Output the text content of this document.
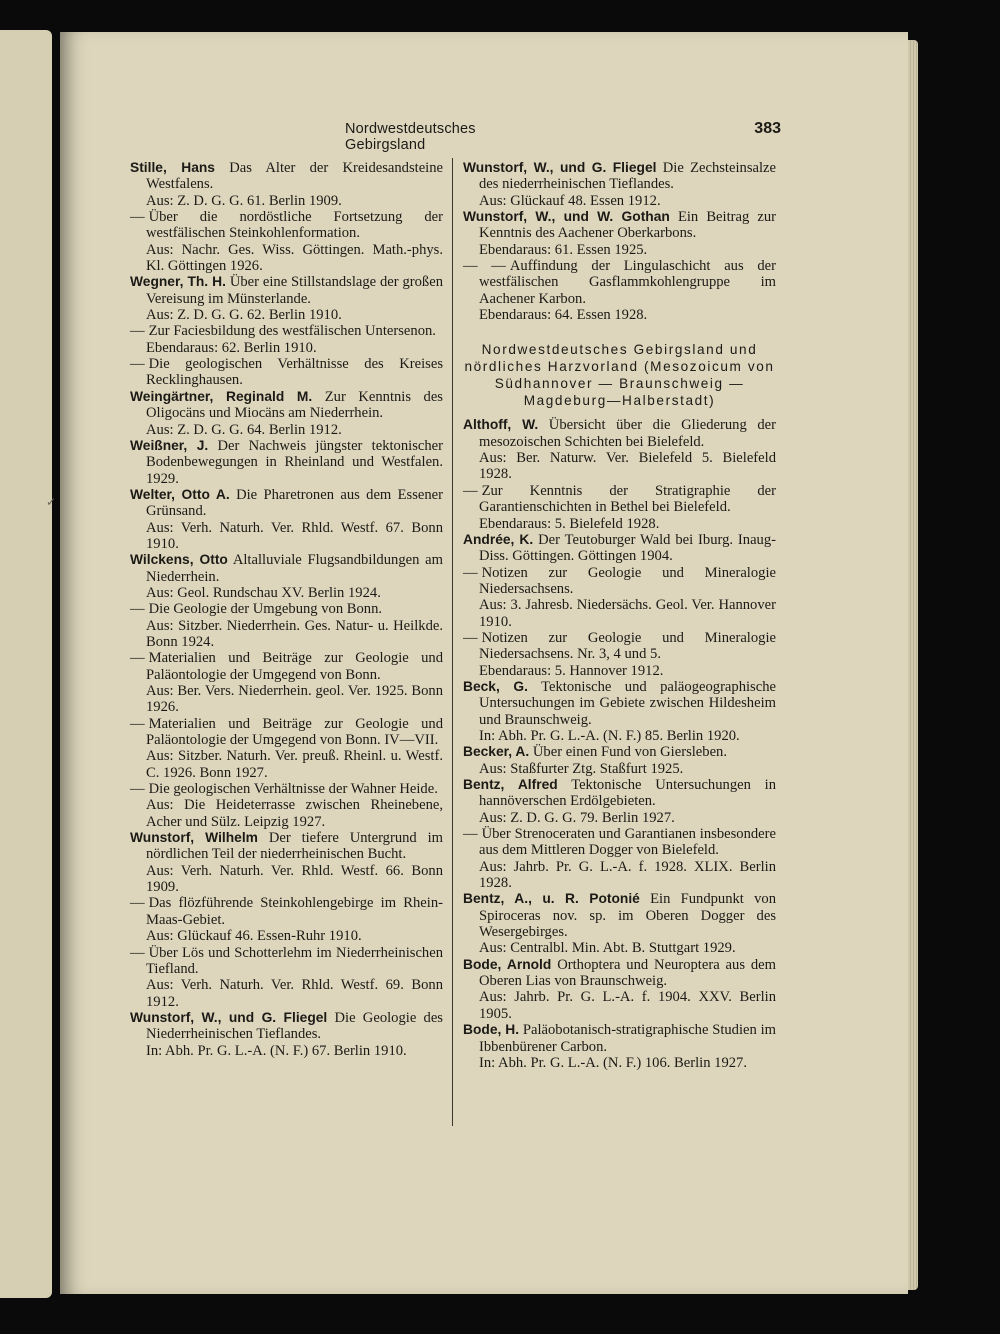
Nordwestdeutsches Gebirgsland
383

Stille, Hans Das Alter der Kreidesandsteine Westfalens.

Aus: Z. D. G. G. 61. Berlin 1909.

— Über die nordöstliche Fortsetzung der westfälischen Steinkohlenformation.

Aus: Nachr. Ges. Wiss. Göttingen. Math.-phys. Kl. Göttingen 1926.

Wegner, Th. H. Über eine Stillstandslage der großen Vereisung im Münsterlande.

Aus: Z. D. G. G. 62. Berlin 1910.

— Zur Faciesbildung des westfälischen Untersenon.

Ebendaraus: 62. Berlin 1910.

— Die geologischen Verhältnisse des Kreises Recklinghausen.

Weingärtner, Reginald M. Zur Kenntnis des Oligocäns und Miocäns am Niederrhein.

Aus: Z. D. G. G. 64. Berlin 1912.

Weißner, J. Der Nachweis jüngster tektonischer Bodenbewegungen in Rheinland und Westfalen. 1929.

Welter, Otto A. Die Pharetronen aus dem Essener Grünsand.

Aus: Verh. Naturh. Ver. Rhld. Westf. 67. Bonn 1910.

Wilckens, Otto Altalluviale Flugsandbildungen am Niederrhein.

Aus: Geol. Rundschau XV. Berlin 1924.

— Die Geologie der Umgebung von Bonn.

Aus: Sitzber. Niederrhein. Ges. Natur- u. Heilkde. Bonn 1924.

— Materialien und Beiträge zur Geologie und Paläontologie der Umgegend von Bonn.

Aus: Ber. Vers. Niederrhein. geol. Ver. 1925. Bonn 1926.

— Materialien und Beiträge zur Geologie und Paläontologie der Umgegend von Bonn. IV—VII.

Aus: Sitzber. Naturh. Ver. preuß. Rheinl. u. Westf. C. 1926. Bonn 1927.

— Die geologischen Verhältnisse der Wahner Heide.

Aus: Die Heideterrasse zwischen Rheinebene, Acher und Sülz. Leipzig 1927.

Wunstorf, Wilhelm Der tiefere Untergrund im nördlichen Teil der niederrheinischen Bucht.

Aus: Verh. Naturh. Ver. Rhld. Westf. 66. Bonn 1909.

— Das flözführende Steinkohlengebirge im Rhein-Maas-Gebiet.

Aus: Glückauf 46. Essen-Ruhr 1910.

— Über Lös und Schotterlehm im Niederrheinischen Tiefland.

Aus: Verh. Naturh. Ver. Rhld. Westf. 69. Bonn 1912.

Wunstorf, W., und G. Fliegel Die Geologie des Niederrheinischen Tieflandes.

In: Abh. Pr. G. L.-A. (N. F.) 67. Berlin 1910.

Wunstorf, W., und G. Fliegel Die Zechsteinsalze des niederrheinischen Tieflandes.

Aus: Glückauf 48. Essen 1912.

Wunstorf, W., und W. Gothan Ein Beitrag zur Kenntnis des Aachener Oberkarbons.

Ebendaraus: 61. Essen 1925.

— — Auffindung der Lingulaschicht aus der westfälischen Gasflammkohlengruppe im Aachener Karbon.

Ebendaraus: 64. Essen 1928.

Nordwestdeutsches Gebirgsland und nördliches Harzvorland (Mesozoicum von Südhannover — Braunschweig — Magdeburg—Halberstadt)

Althoff, W. Übersicht über die Gliederung der mesozoischen Schichten bei Bielefeld.

Aus: Ber. Naturw. Ver. Bielefeld 5. Bielefeld 1928.

— Zur Kenntnis der Stratigraphie der Garantienschichten in Bethel bei Bielefeld.

Ebendaraus: 5. Bielefeld 1928.

Andrée, K. Der Teutoburger Wald bei Iburg. Inaug-Diss. Göttingen. Göttingen 1904.

— Notizen zur Geologie und Mineralogie Niedersachsens.

Aus: 3. Jahresb. Niedersächs. Geol. Ver. Hannover 1910.

— Notizen zur Geologie und Mineralogie Niedersachsens. Nr. 3, 4 und 5.

Ebendaraus: 5. Hannover 1912.

Beck, G. Tektonische und paläogeographische Untersuchungen im Gebiete zwischen Hildesheim und Braunschweig.

In: Abh. Pr. G. L.-A. (N. F.) 85. Berlin 1920.

Becker, A. Über einen Fund von Giersleben.

Aus: Staßfurter Ztg. Staßfurt 1925.

Bentz, Alfred Tektonische Untersuchungen in hannöverschen Erdölgebieten.

Aus: Z. D. G. G. 79. Berlin 1927.

— Über Strenoceraten und Garantianen insbesondere aus dem Mittleren Dogger von Bielefeld.

Aus: Jahrb. Pr. G. L.-A. f. 1928. XLIX. Berlin 1928.

Bentz, A., u. R. Potonié Ein Fundpunkt von Spiroceras nov. sp. im Oberen Dogger des Wesergebirges.

Aus: Centralbl. Min. Abt. B. Stuttgart 1929.

Bode, Arnold Orthoptera und Neuroptera aus dem Oberen Lias von Braunschweig.

Aus: Jahrb. Pr. G. L.-A. f. 1904. XXV. Berlin 1905.

Bode, H. Paläobotanisch-stratigraphische Studien im Ibbenbürener Carbon.

In: Abh. Pr. G. L.-A. (N. F.) 106. Berlin 1927.

✓
